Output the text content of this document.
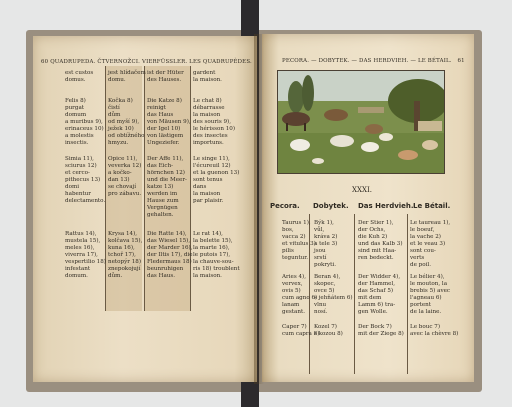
60 QUADRUPEDA. ČTVERNOŽCI. VIERFÜSSLER. LES QUADRUPÈDES.
est custos
domus.
jest hlídačem
domu.
ist der Hüter
des Hauses.
gardent
la maison.
Felis 8)
purgat
domum
a muribus 9),
erinaceus 10)
a molestis
insectis.
Kočka 8)
čistí
dům
od myší 9),
ježek 10)
od obtížného
hmyzu.
Die Katze 8)
reinigt
das Haus
von Mäusen 9),
der Igel 10)
von lästigem
Ungeziefer.
Le chat 8)
débarrasse
la maison
des souris 9),
le hérisson 10)
des insectes
importuns.
Simia 11),
sciurus 12)
et cerco-
pithecus 13)
domi
habentur
delectamento.
Opice 11),
veverka 12)
a kočko-
dan 13)
se chovají
pro zábavu.
Der Affe 11),
das Eich-
hörnchen 12)
und die Meer-
katze 13)
werden im
Hause zum
Vergnügen
gehalten.
Le singe 11),
l'écureuil 12)
et la guenon 13)
sont tenus
dans
la maison
par plaisir.
Rattus 14),
mustela 15),
meles 16),
viverra 17),
vespertilio 18)
infestant
domum.
Krysa 14),
kolčava 15),
kuna 16),
tchoř 17),
netopýr 18)
znepokojují
dům.
Die Ratte 14),
das Wiesel 15),
der Marder 16),
der Iltis 17), die
Fledermaus 18)
beunruhigen
das Haus.
Le rat 14),
la belette 15),
la marte 16),
le putois 17),
la chauve-sou-
ris 18) troublent
la maison.
PECORA. — DOBYTEK. — DAS HERDVIEH. — LE BÉTAIL. 61
XXXI.
Pecora. Dobytek. Das Herdvieh. Le Bétail.
Taurus 1),
bos,
vacca 2)
et vitulus 3)
pilis
teguntur.
Býk 1),
vůl,
kráva 2)
a tele 3)
jsou
srstí
pokryti.
Der Stier 1),
der Ochs,
die Kuh 2)
und das Kalb 3)
sind mit Haa-
ren bedeckt.
Le taureau 1),
le boeuf,
la vache 2)
et le veau 3)
sont cou-
verts
de poil.
Aries 4),
vervex,
ovis 5)
cum agno 6)
lanam
gestant.
Beran 4),
skopec,
ovce 5)
s jehňátem 6)
vlnu
nosí.
Der Widder 4),
der Hammel,
das Schaf 5)
mit dem
Lamm 6) tra-
gen Wolle.
Le bélier 4),
le mouton, la
brebis 5) avec
l'agneau 6)
portent
de la laine.
Caper 7)
cum capra 8)
Kozel 7)
s kozou 8)
Der Bock 7)
mit der Ziege 8)
Le bouc 7)
avec la chèvre 8)
